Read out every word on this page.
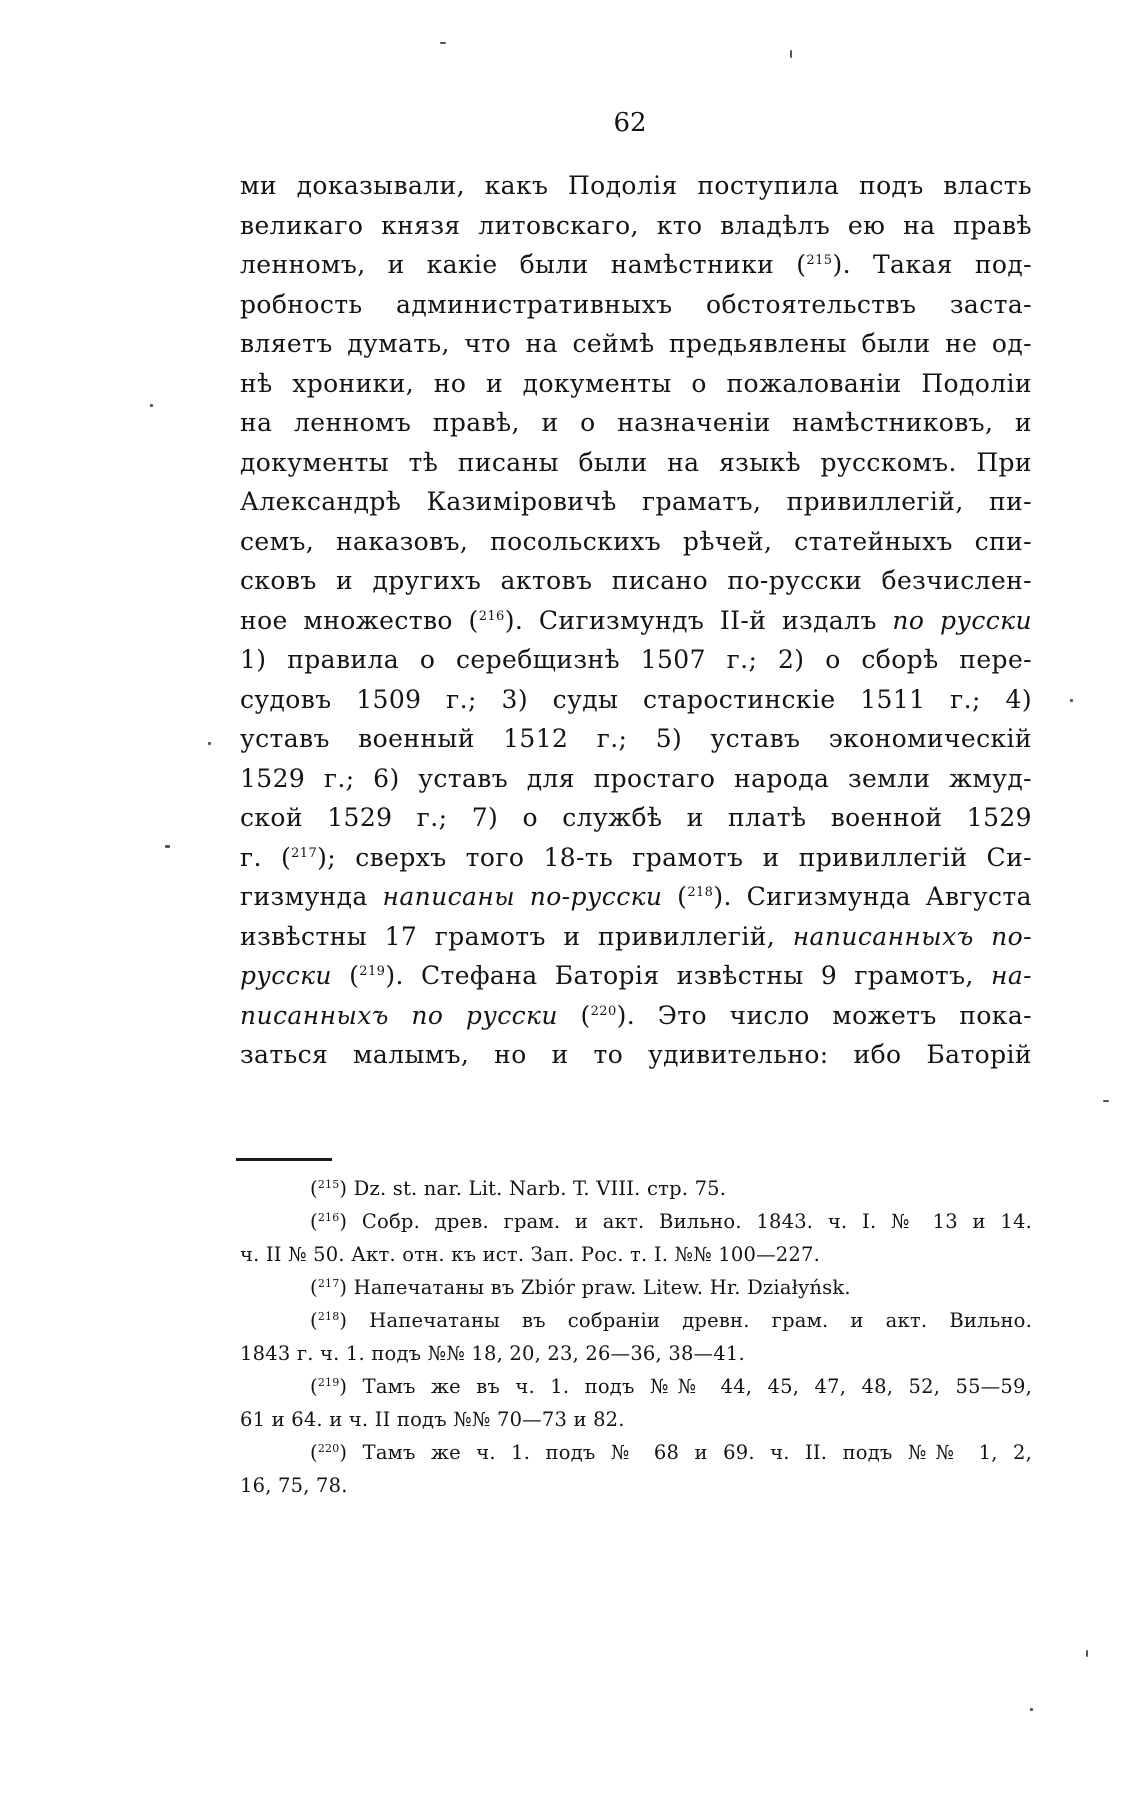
62
ми доказывали, какъ Подолія поступила подъ власть
великаго князя литовскаго, кто владѣлъ ею на правѣ
ленномъ, и какіе были намѣстники ($^{215}$). Такая под-
робность административныхъ обстоятельствъ заста-
вляетъ думать, что на сеймѣ предьявлены были не од-
нѣ хроники, но и документы о пожалованіи Подоліи
на ленномъ правѣ, и о назначеніи намѣстниковъ, и
документы тѣ писаны были на языкѣ русскомъ. При
Александрѣ Казиміровичѣ граматъ, привиллегій, пи-
семъ, наказовъ, посольскихъ рѣчей, статейныхъ спи-
сковъ и другихъ актовъ писано по-русски безчислен-
ное множество ($^{216}$). Сигизмундъ II-й издалъ по русски
1) правила о серебщизнѣ 1507 г.; 2) о сборѣ пере-
судовъ 1509 г.; 3) суды старостинскіе 1511 г.; 4)
уставъ военный 1512 г.; 5) уставъ экономическій
1529 г.; 6) уставъ для простаго народа земли жмуд-
ской 1529 г.; 7) о службѣ и платѣ военной 1529
г. ($^{217}$); сверхъ того 18-ть грамотъ и привиллегій Си-
гизмунда написаны по-русски ($^{218}$). Сигизмунда Августа
извѣстны 17 грамотъ и привиллегій, написанныхъ по-
русски ($^{219}$). Стефана Баторія извѣстны 9 грамотъ, на-
писанныхъ по русски ($^{220}$). Это число можетъ пока-
заться малымъ, но и то удивительно: ибо Баторій
($^{215}$) Dz. st. nar. Lit. Narb. T. VIII. стр. 75.
($^{216}$) Собр. древ. грам. и акт. Вильно. 1843. ч. I. № 13 и 14.
ч. II № 50. Акт. отн. къ ист. Зап. Рос. т. I. №№ 100—227.
($^{217}$) Напечатаны въ Zbiór praw. Litew. Hr. Działyńsk.
($^{218}$) Напечатаны въ собраніи древн. грам. и акт. Вильно.
1843 г. ч. 1. подъ №№ 18, 20, 23, 26—36, 38—41.
($^{219}$) Тамъ же въ ч. 1. подъ №№ 44, 45, 47, 48, 52, 55—59,
61 и 64. и ч. II подъ №№ 70—73 и 82.
($^{220}$) Тамъ же ч. 1. подъ № 68 и 69. ч. II. подъ №№ 1, 2,
16, 75, 78.
